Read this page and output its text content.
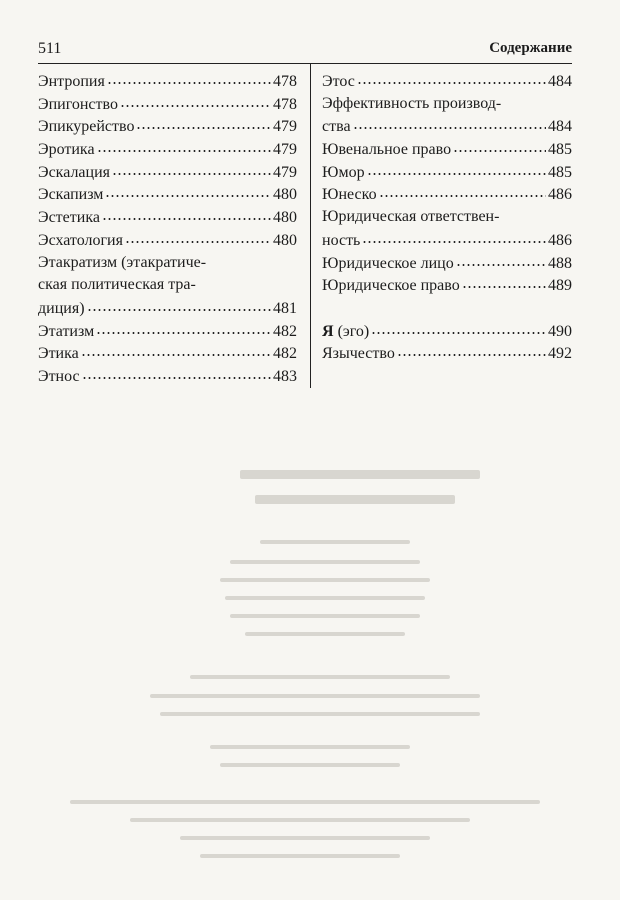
511	Содержание
Энтропия	478
Эпигонство	478
Эпикурейство	479
Эротика	479
Эскалация	479
Эскапизм	480
Эстетика	480
Эсхатология	480
Этакратизм (этакратиче-
ская политическая тра-
диция)	481
Этатизм	482
Этика	482
Этнос	483
Этос	484
Эффективность производ-
ства	484
Ювенальное право	485
Юмор	485
Юнеско	486
Юридическая ответствен-
ность	486
Юридическое лицо	488
Юридическое право	489
Я (эго)	490
Язычество	492
